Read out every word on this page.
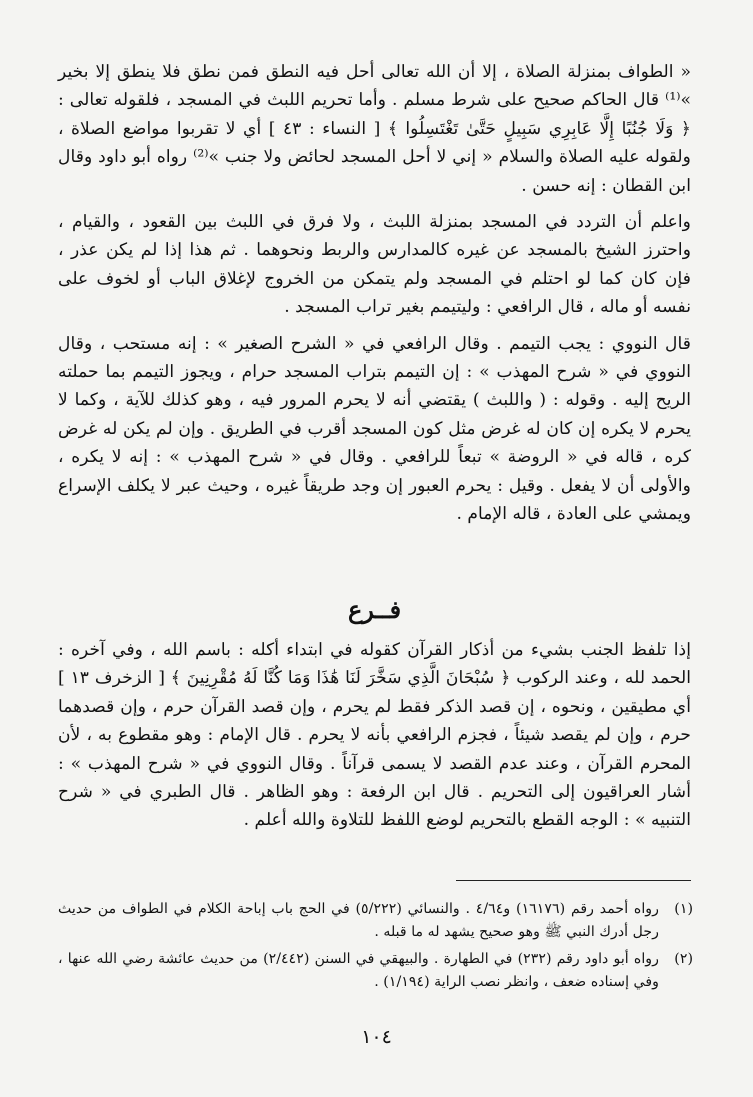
« الطواف بمنزلة الصلاة ، إلا أن الله تعالى أحل فيه النطق فمن نطق فلا ينطق إلا بخير »⁽¹⁾ قال الحاكم صحيح على شرط مسلم . وأما تحريم اللبث في المسجد ، فلقوله تعالى : ﴿ وَلَا جُنُبًا إِلَّا عَابِرِي سَبِيلٍ حَتَّىٰ تَغْتَسِلُوا ﴾ [ النساء : ٤٣ ] أي لا تقربوا مواضع الصلاة ، ولقوله عليه الصلاة والسلام « إني لا أحل المسجد لحائض ولا جنب »⁽²⁾ رواه أبو داود وقال ابن القطان : إنه حسن .

واعلم أن التردد في المسجد بمنزلة اللبث ، ولا فرق في اللبث بين القعود ، والقيام ، واحترز الشيخ بالمسجد عن غيره كالمدارس والربط ونحوهما . ثم هذا إذا لم يكن عذر ، فإن كان كما لو احتلم في المسجد ولم يتمكن من الخروج لإغلاق الباب أو لخوف على نفسه أو ماله ، قال الرافعي : وليتيمم بغير تراب المسجد .

قال النووي : يجب التيمم . وقال الرافعي في « الشرح الصغير » : إنه مستحب ، وقال النووي في « شرح المهذب » : إن التيمم بتراب المسجد حرام ، ويجوز التيمم بما حملته الريح إليه . وقوله : ( واللبث ) يقتضي أنه لا يحرم المرور فيه ، وهو كذلك للآية ، وكما لا يحرم لا يكره إن كان له غرض مثل كون المسجد أقرب في الطريق . وإن لم يكن له غرض كره ، قاله في « الروضة » تبعاً للرافعي . وقال في « شرح المهذب » : إنه لا يكره ، والأولى أن لا يفعل . وقيل : يحرم العبور إن وجد طريقاً غيره ، وحيث عبر لا يكلف الإسراع ويمشي على العادة ، قاله الإمام .

فــرع

إذا تلفظ الجنب بشيء من أذكار القرآن كقوله في ابتداء أكله : باسم الله ، وفي آخره : الحمد لله ، وعند الركوب ﴿ سُبْحَانَ الَّذِي سَخَّرَ لَنَا هَٰذَا وَمَا كُنَّا لَهُ مُقْرِنِينَ ﴾ [ الزخرف ١٣ ] أي مطيقين ، ونحوه ، إن قصد الذكر فقط لم يحرم ، وإن قصد القرآن حرم ، وإن قصدهما حرم ، وإن لم يقصد شيئاً ، فجزم الرافعي بأنه لا يحرم . قال الإمام : وهو مقطوع به ، لأن المحرم القرآن ، وعند عدم القصد لا يسمى قرآناً . وقال النووي في « شرح المهذب » : أشار العراقيون إلى التحريم . قال ابن الرفعة : وهو الظاهر . قال الطبري في « شرح التنبيه » : الوجه القطع بالتحريم لوضع اللفظ للتلاوة والله أعلم .

(١)
رواه أحمد رقم (١٦١٧٦) و٤/٦٤ . والنسائي (٥/٢٢٢) في الحج باب إباحة الكلام في الطواف من حديث رجل أدرك النبي ﷺ وهو صحيح يشهد له ما قبله .
(٢)
رواه أبو داود رقم (٢٣٢) في الطهارة . والبيهقي في السنن (٢/٤٤٢) من حديث عائشة رضي الله عنها ، وفي إسناده ضعف ، وانظر نصب الراية (١/١٩٤) .
١٠٤
